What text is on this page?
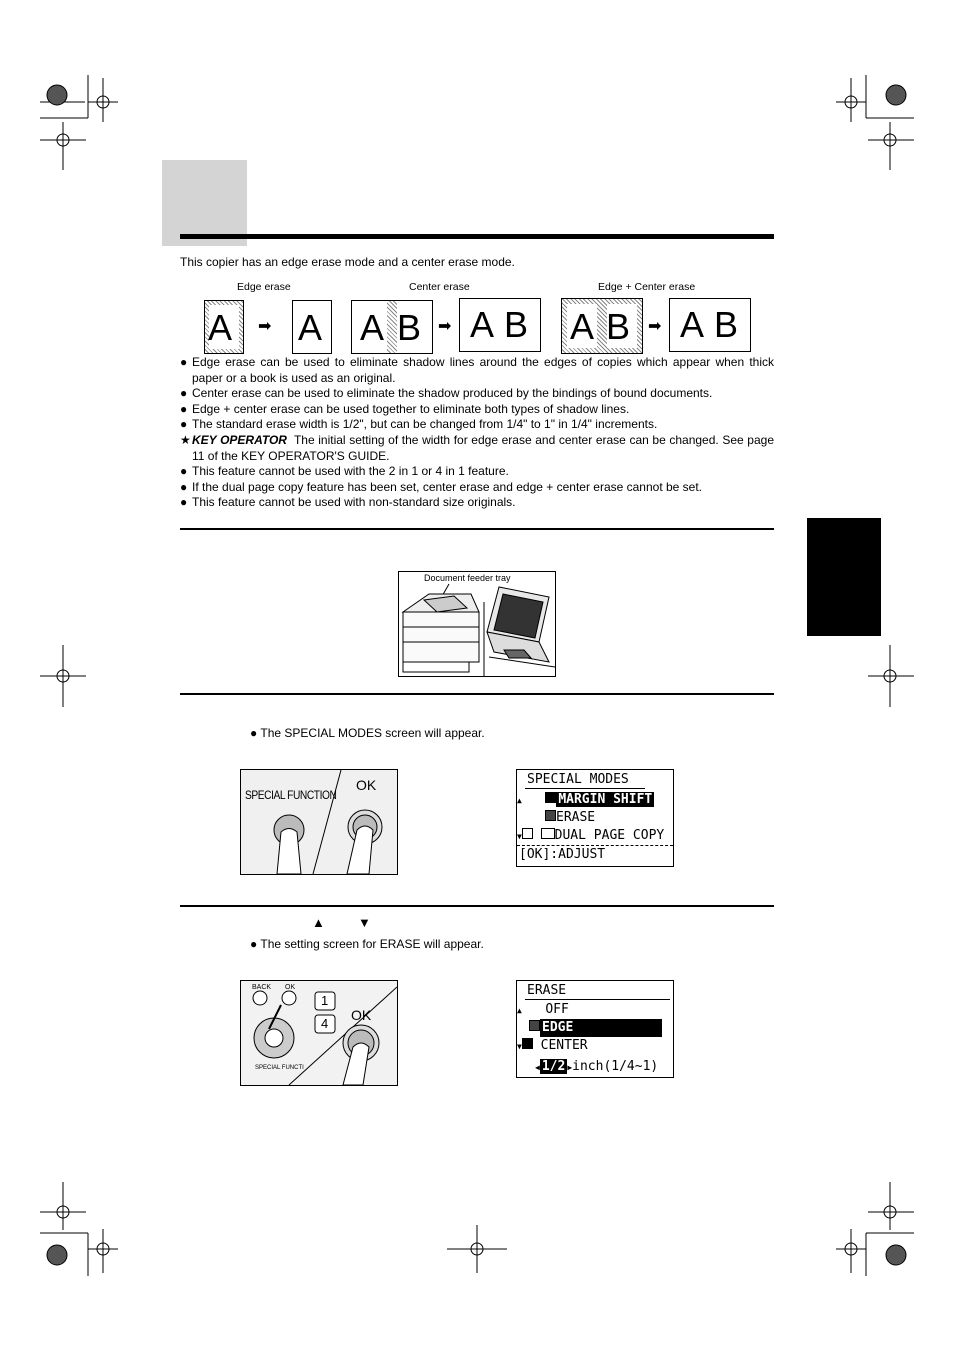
This copier has an edge erase mode and a center erase mode.
Edge erase	Center erase	Edge + Center erase
A ➡ A A B ➡ A B A B ➡ A B
● Edge erase can be used to eliminate shadow lines around the edges of copies which appear when thick paper or a book is used as an original.
● Center erase can be used to eliminate the shadow produced by the bindings of bound documents.
● Edge + center erase can be used together to eliminate both types of shadow lines.
● The standard erase width is 1/2", but can be changed from 1/4" to 1" in 1/4" increments.
★ KEY OPERATOR The initial setting of the width for edge erase and center erase can be changed. See page 11 of the KEY OPERATOR'S GUIDE.
● This feature cannot be used with the 2 in 1 or 4 in 1 feature.
● If the dual page copy feature has been set, center erase and edge + center erase cannot be set.
● This feature cannot be used with non-standard size originals.
Document feeder tray
● The SPECIAL MODES screen will appear.
SPECIAL FUNCTION
OK	SPECIAL MODES
▲	MARGIN SHIFT
ERASE
▼	DUAL PAGE COPY
[OK]:ADJUST
▲	▼
● The setting screen for ERASE will appear.
BACK OK
1
4
OK
SPECIAL FUNCTI
ERASE
▲ OFF
EDGE
▼ CENTER
◀ 1/2 ▶inch(1/4~1)
